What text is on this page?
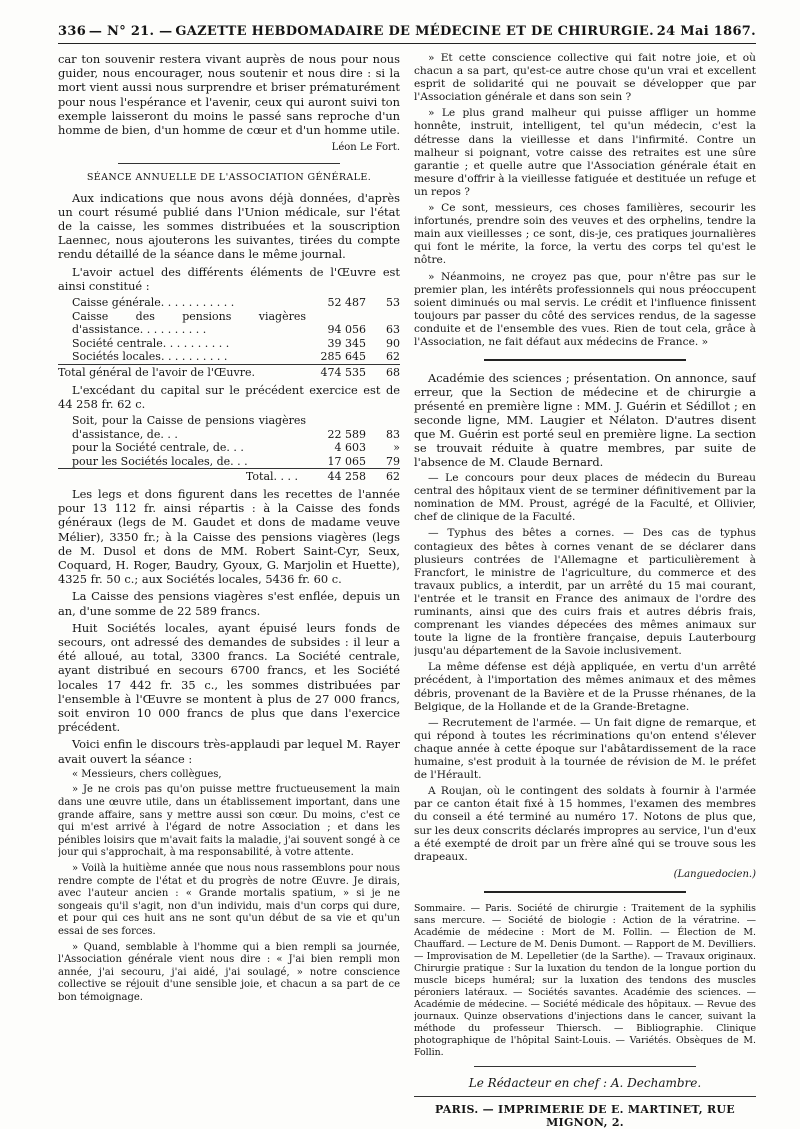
336 — N° 21. — GAZETTE HEBDOMADAIRE DE MÉDECINE ET DE CHIRURGIE. 24 Mai 1867.

car ton souvenir restera vivant auprès de nous pour nous guider, nous encourager, nous soutenir et nous dire : si la mort vient aussi nous surprendre et briser prématurément pour nous l'espérance et l'avenir, ceux qui auront suivi ton exemple laisseront du moins le passé sans reproche d'un homme de bien, d'un homme de cœur et d'un homme utile.

Léon Le Fort.
SÉANCE ANNUELLE DE L'ASSOCIATION GÉNÉRALE.

Aux indications que nous avons déjà données, d'après un court résumé publié dans l'Union médicale, sur l'état de la caisse, les sommes distribuées et la souscription Laennec, nous ajouterons les suivantes, tirées du compte rendu détaillé de la séance dans le même journal.

L'avoir actuel des différents éléments de l'Œuvre est ainsi constitué :

Caisse générale. . . . . . . . . . .	52 487	53
Caisse des pensions viagères d'assistance. . . . . . . . . .	94 056	63
Société centrale. . . . . . . . . .	39 345	90
Sociétés locales. . . . . . . . . .	285 645	62
Total général de l'avoir de l'Œuvre.	474 535	68

L'excédant du capital sur le précédent exercice est de 44 258 fr. 62 c.

Soit, pour la Caisse de pensions viagères d'assistance, de. . .	22 589	83
pour la Société centrale, de. . .	4 603	»
pour les Sociétés locales, de. . .	17 065	79
Total. . . .	44 258	62

Les legs et dons figurent dans les recettes de l'année pour 13 112 fr. ainsi répartis : à la Caisse des fonds généraux (legs de M. Gaudet et dons de madame veuve Mélier), 3350 fr.; à la Caisse des pensions viagères (legs de M. Dusol et dons de MM. Robert Saint-Cyr, Seux, Coquard, H. Roger, Baudry, Gyoux, G. Marjolin et Huette), 4325 fr. 50 c.; aux Sociétés locales, 5436 fr. 60 c.

La Caisse des pensions viagères s'est enflée, depuis un an, d'une somme de 22 589 francs.

Huit Sociétés locales, ayant épuisé leurs fonds de secours, ont adressé des demandes de subsides : il leur a été alloué, au total, 3300 francs. La Société centrale, ayant distribué en secours 6700 francs, et les Société locales 17 442 fr. 35 c., les sommes distribuées par l'ensemble à l'Œuvre se montent à plus de 27 000 francs, soit environ 10 000 francs de plus que dans l'exercice précédent.

Voici enfin le discours très-applaudi par lequel M. Rayer avait ouvert la séance :

« Messieurs, chers collègues,

» Je ne crois pas qu'on puisse mettre fructueusement la main dans une œuvre utile, dans un établissement important, dans une grande affaire, sans y mettre aussi son cœur. Du moins, c'est ce qui m'est arrivé à l'égard de notre Association ; et dans les pénibles loisirs que m'avait faits la maladie, j'ai souvent songé à ce jour qui s'approchait, à ma responsabilité, à votre attente.

» Voilà la huitième année que nous nous rassemblons pour nous rendre compte de l'état et du progrès de notre Œuvre. Je dirais, avec l'auteur ancien : « Grande mortalis spatium, » si je ne songeais qu'il s'agit, non d'un individu, mais d'un corps qui dure, et pour qui ces huit ans ne sont qu'un début de sa vie et qu'un essai de ses forces.

» Quand, semblable à l'homme qui a bien rempli sa journée, l'Association générale vient nous dire : « J'ai bien rempli mon année, j'ai secouru, j'ai aidé, j'ai soulagé, » notre conscience collective se réjouit d'une sensible joie, et chacun a sa part de ce bon témoignage.

» Et cette conscience collective qui fait notre joie, et où chacun a sa part, qu'est-ce autre chose qu'un vrai et excellent esprit de solidarité qui ne pouvait se développer que par l'Association générale et dans son sein ?

» Le plus grand malheur qui puisse affliger un homme honnête, instruit, intelligent, tel qu'un médecin, c'est la détresse dans la vieillesse et dans l'infirmité. Contre un malheur si poignant, votre caisse des retraites est une sûre garantie ; et quelle autre que l'Association générale était en mesure d'offrir à la vieillesse fatiguée et destituée un refuge et un repos ?

» Ce sont, messieurs, ces choses familières, secourir les infortunés, prendre soin des veuves et des orphelins, tendre la main aux vieillesses ; ce sont, dis-je, ces pratiques journalières qui font le mérite, la force, la vertu des corps tel qu'est le nôtre.

» Néanmoins, ne croyez pas que, pour n'être pas sur le premier plan, les intérêts professionnels qui nous préoccupent soient diminués ou mal servis. Le crédit et l'influence finissent toujours par passer du côté des services rendus, de la sagesse conduite et de l'ensemble des vues. Rien de tout cela, grâce à l'Association, ne fait défaut aux médecins de France. »

Académie des sciences ; présentation. On annonce, sauf erreur, que la Section de médecine et de chirurgie a présenté en première ligne : MM. J. Guérin et Sédillot ; en seconde ligne, MM. Laugier et Nélaton. D'autres disent que M. Guérin est porté seul en première ligne. La section se trouvait réduite à quatre membres, par suite de l'absence de M. Claude Bernard.

— Le concours pour deux places de médecin du Bureau central des hôpitaux vient de se terminer définitivement par la nomination de MM. Proust, agrégé de la Faculté, et Ollivier, chef de clinique de la Faculté.

— Typhus des bêtes a cornes. — Des cas de typhus contagieux des bêtes à cornes venant de se déclarer dans plusieurs contrées de l'Allemagne et particulièrement à Francfort, le ministre de l'agriculture, du commerce et des travaux publics, a interdit, par un arrêté du 15 mai courant, l'entrée et le transit en France des animaux de l'ordre des ruminants, ainsi que des cuirs frais et autres débris frais, comprenant les viandes dépecées des mêmes animaux sur toute la ligne de la frontière française, depuis Lauterbourg jusqu'au département de la Savoie inclusivement.

La même défense est déjà appliquée, en vertu d'un arrêté précédent, à l'importation des mêmes animaux et des mêmes débris, provenant de la Bavière et de la Prusse rhénanes, de la Belgique, de la Hollande et de la Grande-Bretagne.

— Recrutement de l'armée. — Un fait digne de remarque, et qui répond à toutes les récriminations qu'on entend s'élever chaque année à cette époque sur l'abâtardissement de la race humaine, s'est produit à la tournée de révision de M. le préfet de l'Hérault.

A Roujan, où le contingent des soldats à fournir à l'armée par ce canton était fixé à 15 hommes, l'examen des membres du conseil a été terminé au numéro 17. Notons de plus que, sur les deux conscrits déclarés impropres au service, l'un d'eux a été exempté de droit par un frère aîné qui se trouve sous les drapeaux.

(Languedocien.)

Sommaire. — Paris. Société de chirurgie : Traitement de la syphilis sans mercure. — Société de biologie : Action de la vératrine. — Académie de médecine : Mort de M. Follin. — Élection de M. Chauffard. — Lecture de M. Denis Dumont. — Rapport de M. Devilliers. — Improvisation de M. Lepelletier (de la Sarthe). — Travaux originaux. Chirurgie pratique : Sur la luxation du tendon de la longue portion du muscle biceps huméral; sur la luxation des tendons des muscles péroniers latéraux. — Sociétés savantes. Académie des sciences. — Académie de médecine. — Société médicale des hôpitaux. — Revue des journaux. Quinze observations d'injections dans le cancer, suivant la méthode du professeur Thiersch. — Bibliographie. Clinique photographique de l'hôpital Saint-Louis. — Variétés. Obsèques de M. Follin.

Le Rédacteur en chef : A. Dechambre.
PARIS. — IMPRIMERIE DE E. MARTINET, RUE MIGNON, 2.
